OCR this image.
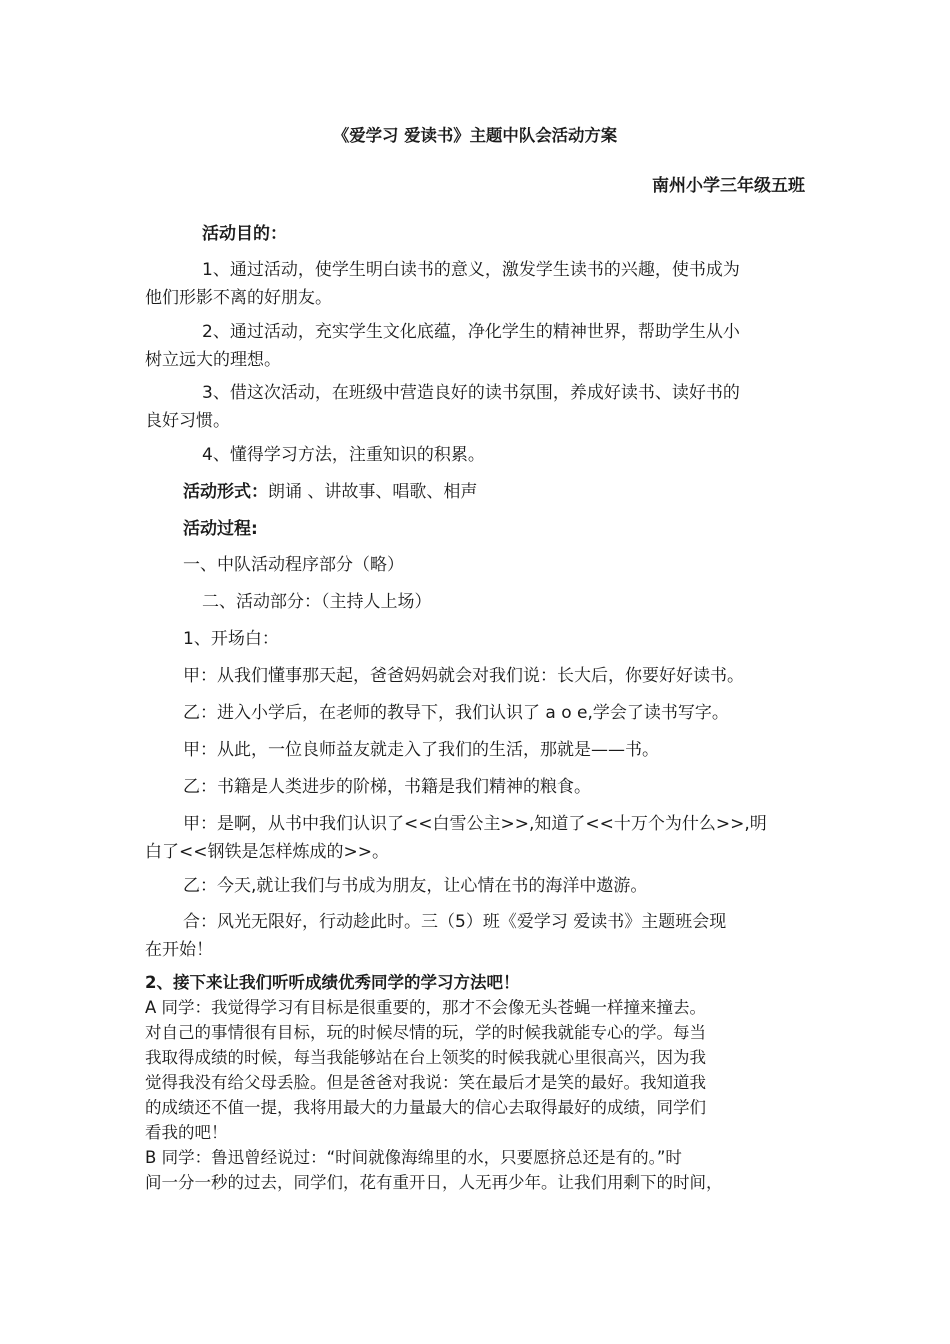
《爱学习 爱读书》主题中队会活动方案
南州小学三年级五班
活动目的：
1、通过活动，使学生明白读书的意义，激发学生读书的兴趣，使书成为
他们形影不离的好朋友。
2、通过活动，充实学生文化底蕴，净化学生的精神世界，帮助学生从小
树立远大的理想。
3、借这次活动，在班级中营造良好的读书氛围，养成好读书、读好书的
良好习惯。
4、懂得学习方法，注重知识的积累。
活动形式：朗诵 、讲故事、唱歌、相声
活动过程:
一、中队活动程序部分（略）
二、活动部分：（主持人上场）
1、开场白：
甲：从我们懂事那天起，爸爸妈妈就会对我们说：长大后，你要好好读书。
乙：进入小学后，在老师的教导下，我们认识了 a o e,学会了读书写字。
甲：从此，一位良师益友就走入了我们的生活，那就是——书。
乙：书籍是人类进步的阶梯，书籍是我们精神的粮食。
甲：是啊，从书中我们认识了<<白雪公主>>,知道了<<十万个为什么>>,明
白了<<钢铁是怎样炼成的>>。
乙：今天,就让我们与书成为朋友，让心情在书的海洋中遨游。
合：风光无限好，行动趁此时。三（5）班《爱学习 爱读书》主题班会现
在开始！
2、接下来让我们听听成绩优秀同学的学习方法吧！
A 同学：我觉得学习有目标是很重要的，那才不会像无头苍蝇一样撞来撞去。
对自己的事情很有目标，玩的时候尽情的玩，学的时候我就能专心的学。每当
我取得成绩的时候，每当我能够站在台上领奖的时候我就心里很高兴，因为我
觉得我没有给父母丢脸。但是爸爸对我说：笑在最后才是笑的最好。我知道我
的成绩还不值一提，我将用最大的力量最大的信心去取得最好的成绩，同学们
看我的吧！
B 同学：鲁迅曾经说过：“时间就像海绵里的水，只要愿挤总还是有的。”时
间一分一秒的过去，同学们，花有重开日，人无再少年。让我们用剩下的时间，
